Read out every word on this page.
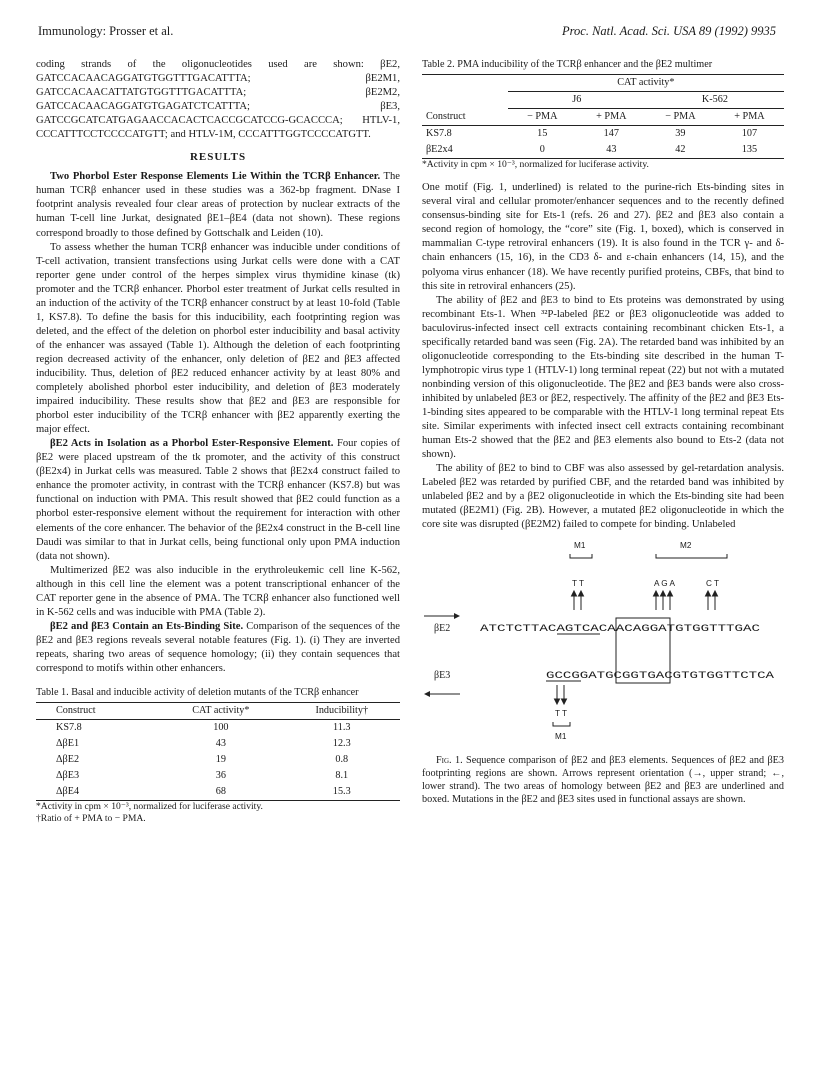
Immunology: Prosser et al.	Proc. Natl. Acad. Sci. USA 89 (1992) 9935

coding strands of the oligonucleotides used are shown: βE2, GATCCACAACAGGATGTGGTTTGACATTTA; βE2M1, GATCCACAACATTATGTGGTTTGACATTTA; βE2M2, GATCCACAACAGGATGTGAGATCTCATTTA; βE3, GATCCGCATCATGAGAACCACACTCACCGCATCCG-GCACCCA; HTLV-1, CCCATTTCCTCCCCATGTT; and HTLV-1M, CCCATTTGGTCCCCATGTT.

RESULTS

Two Phorbol Ester Response Elements Lie Within the TCRβ Enhancer. The human TCRβ enhancer used in these studies was a 362-bp fragment. DNase I footprint analysis revealed four clear areas of protection by nuclear extracts of the human T-cell line Jurkat, designated βE1–βE4 (data not shown). These regions correspond broadly to those defined by Gottschalk and Leiden (10).

To assess whether the human TCRβ enhancer was inducible under conditions of T-cell activation, transient transfections using Jurkat cells were done with a CAT reporter gene under control of the herpes simplex virus thymidine kinase (tk) promoter and the TCRβ enhancer. Phorbol ester treatment of Jurkat cells resulted in an induction of the activity of the TCRβ enhancer construct by at least 10-fold (Table 1, KS7.8). To define the basis for this inducibility, each footprinting region was deleted, and the effect of the deletion on phorbol ester inducibility and basal activity of the enhancer was assayed (Table 1). Although the deletion of each footprinting region decreased activity of the enhancer, only deletion of βE2 and βE3 affected inducibility. Thus, deletion of βE2 reduced enhancer activity by at least 80% and completely abolished phorbol ester inducibility, and deletion of βE3 moderately impaired inducibility. These results show that βE2 and βE3 are responsible for phorbol ester inducibility of the TCRβ enhancer with βE2 apparently exerting the major effect.

βE2 Acts in Isolation as a Phorbol Ester-Responsive Element. Four copies of βE2 were placed upstream of the tk promoter, and the activity of this construct (βE2x4) in Jurkat cells was measured. Table 2 shows that βE2x4 construct failed to enhance the promoter activity, in contrast with the TCRβ enhancer (KS7.8) but was functional on induction with PMA. This result showed that βE2 could function as a phorbol ester-responsive element without the requirement for interaction with other elements of the core enhancer. The behavior of the βE2x4 construct in the B-cell line Daudi was similar to that in Jurkat cells, being functional only upon PMA induction (data not shown).

Multimerized βE2 was also inducible in the erythroleukemic cell line K-562, although in this cell line the element was a potent transcriptional enhancer of the CAT reporter gene in the absence of PMA. The TCRβ enhancer also functioned well in K-562 cells and was inducible with PMA (Table 2).

βE2 and βE3 Contain an Ets-Binding Site. Comparison of the sequences of the βE2 and βE3 regions reveals several notable features (Fig. 1). (i) They are inverted repeats, sharing two areas of sequence homology; (ii) they contain sequences that correspond to motifs within other enhancers.

Table 1. Basal and inducible activity of deletion mutants of the TCRβ enhancer
Construct	CAT activity*	Inducibility†
KS7.8	100	11.3
ΔβE1	43	12.3
ΔβE2	19	0.8
ΔβE3	36	8.1
ΔβE4	68	15.3
*Activity in cpm × 10⁻³, normalized for luciferase activity.
†Ratio of + PMA to − PMA.
Table 2. PMA inducibility of the TCRβ enhancer and the βE2 multimer
	CAT activity*			
	J6		K-562	
Construct	− PMA	+ PMA	− PMA	+ PMA
KS7.8	15	147	39	107
βE2x4	0	43	42	135
*Activity in cpm × 10⁻³, normalized for luciferase activity.

One motif (Fig. 1, underlined) is related to the purine-rich Ets-binding sites in several viral and cellular promoter/enhancer sequences and to the recently defined consensus-binding site for Ets-1 (refs. 26 and 27). βE2 and βE3 also contain a second region of homology, the “core” site (Fig. 1, boxed), which is conserved in mammalian C-type retroviral enhancers (19). It is also found in the TCR γ- and δ-chain enhancers (15, 16), in the CD3 δ- and ε-chain enhancers (14, 15), and the polyoma virus enhancer (18). We have recently purified proteins, CBFs, that bind to this site in retroviral enhancers (25).

The ability of βE2 and βE3 to bind to Ets proteins was demonstrated by using recombinant Ets-1. When ³²P-labeled βE2 or βE3 oligonucleotide was added to baculovirus-infected insect cell extracts containing recombinant chicken Ets-1, a specifically retarded band was seen (Fig. 2A). The retarded band was inhibited by an oligonucleotide corresponding to the Ets-binding site described in the human T-lymphotropic virus type 1 (HTLV-1) long terminal repeat (22) but not with a mutated nonbinding version of this oligonucleotide. The βE2 and βE3 bands were also cross-inhibited by unlabeled βE3 or βE2, respectively. The affinity of the βE2 and βE3 Ets-1-binding sites appeared to be comparable with the HTLV-1 long terminal repeat Ets site. Similar experiments with infected insect cell extracts containing recombinant human Ets-2 showed that the βE2 and βE3 elements also bound to Ets-2 (data not shown).

The ability of βE2 to bind to CBF was also assessed by gel-retardation analysis. Labeled βE2 was retarded by purified CBF, and the retarded band was inhibited by unlabeled βE2 and by a βE2 oligonucleotide in which the Ets-binding site had been mutated (βE2M1) (Fig. 2B). However, a mutated βE2 oligonucleotide in which the core site was disrupted (βE2M2) failed to compete for binding. Unlabeled

M1	M2
T T	A G A	C T
βE2	ATCTCTTACAGTCACAACAGGATGTGGTTTGAC
βE3	GCCGGATGCGGTGACGTGTGGTTCTCA
T T
M1
Fig. 1. Sequence comparison of βE2 and βE3 elements. Sequences of βE2 and βE3 footprinting regions are shown. Arrows represent orientation (→, upper strand; ←, lower strand). The two areas of homology between βE2 and βE3 are underlined and boxed. Mutations in the βE2 and βE3 sites used in functional assays are shown.
